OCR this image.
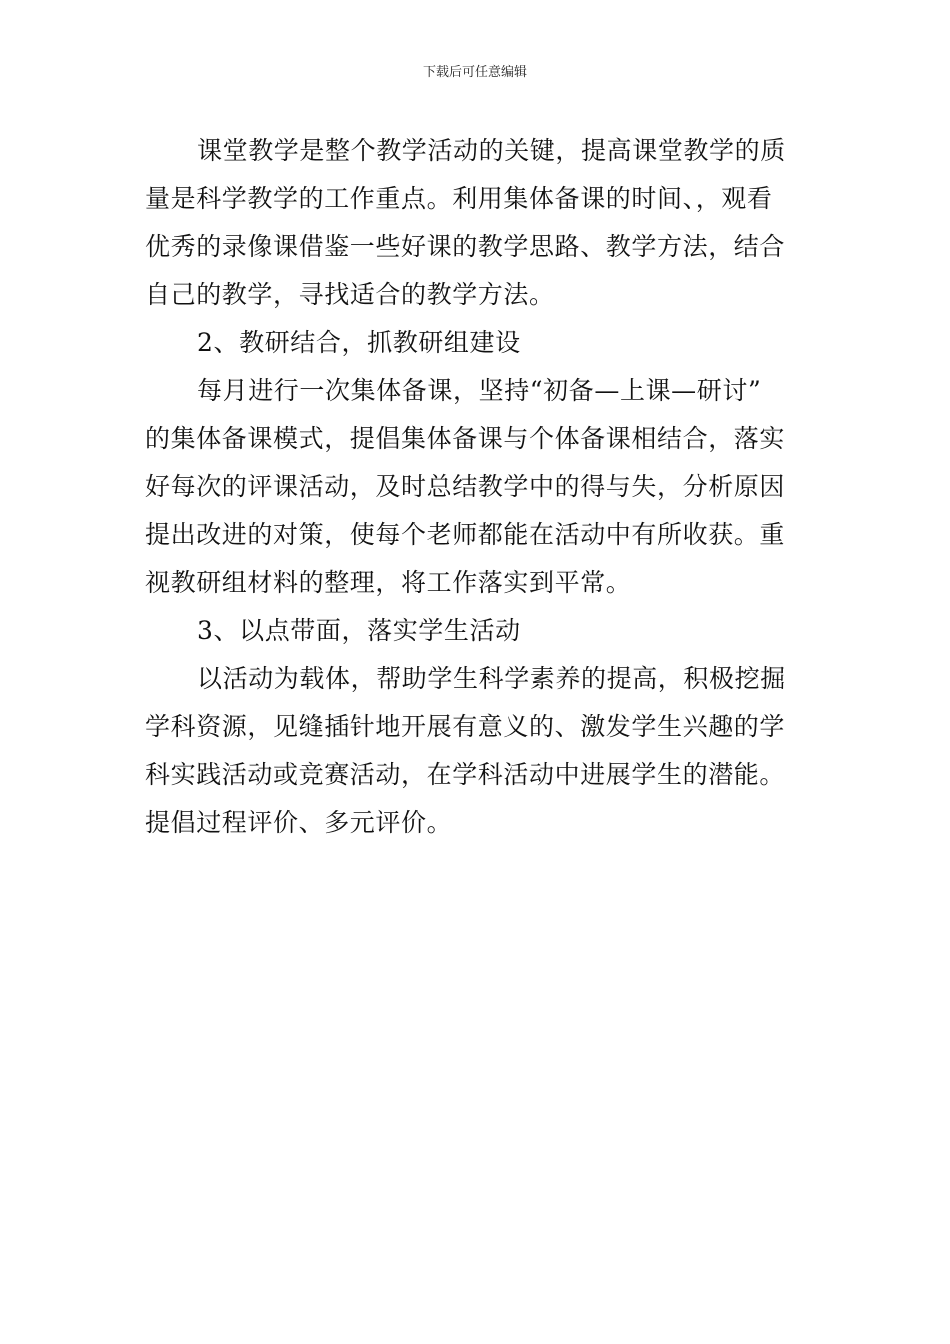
下载后可任意编辑
课堂教学是整个教学活动的关键，提高课堂教学的质
量是科学教学的工作重点。利用集体备课的时间、，观看
优秀的录像课借鉴一些好课的教学思路、教学方法，结合
自己的教学，寻找适合的教学方法。
2、教研结合，抓教研组建设
每月进行一次集体备课，坚持“初备—上课—研讨”
的集体备课模式，提倡集体备课与个体备课相结合，落实
好每次的评课活动，及时总结教学中的得与失，分析原因
提出改进的对策，使每个老师都能在活动中有所收获。重
视教研组材料的整理，将工作落实到平常。
3、以点带面，落实学生活动
以活动为载体，帮助学生科学素养的提高，积极挖掘
学科资源，见缝插针地开展有意义的、激发学生兴趣的学
科实践活动或竞赛活动，在学科活动中进展学生的潜能。
提倡过程评价、多元评价。
